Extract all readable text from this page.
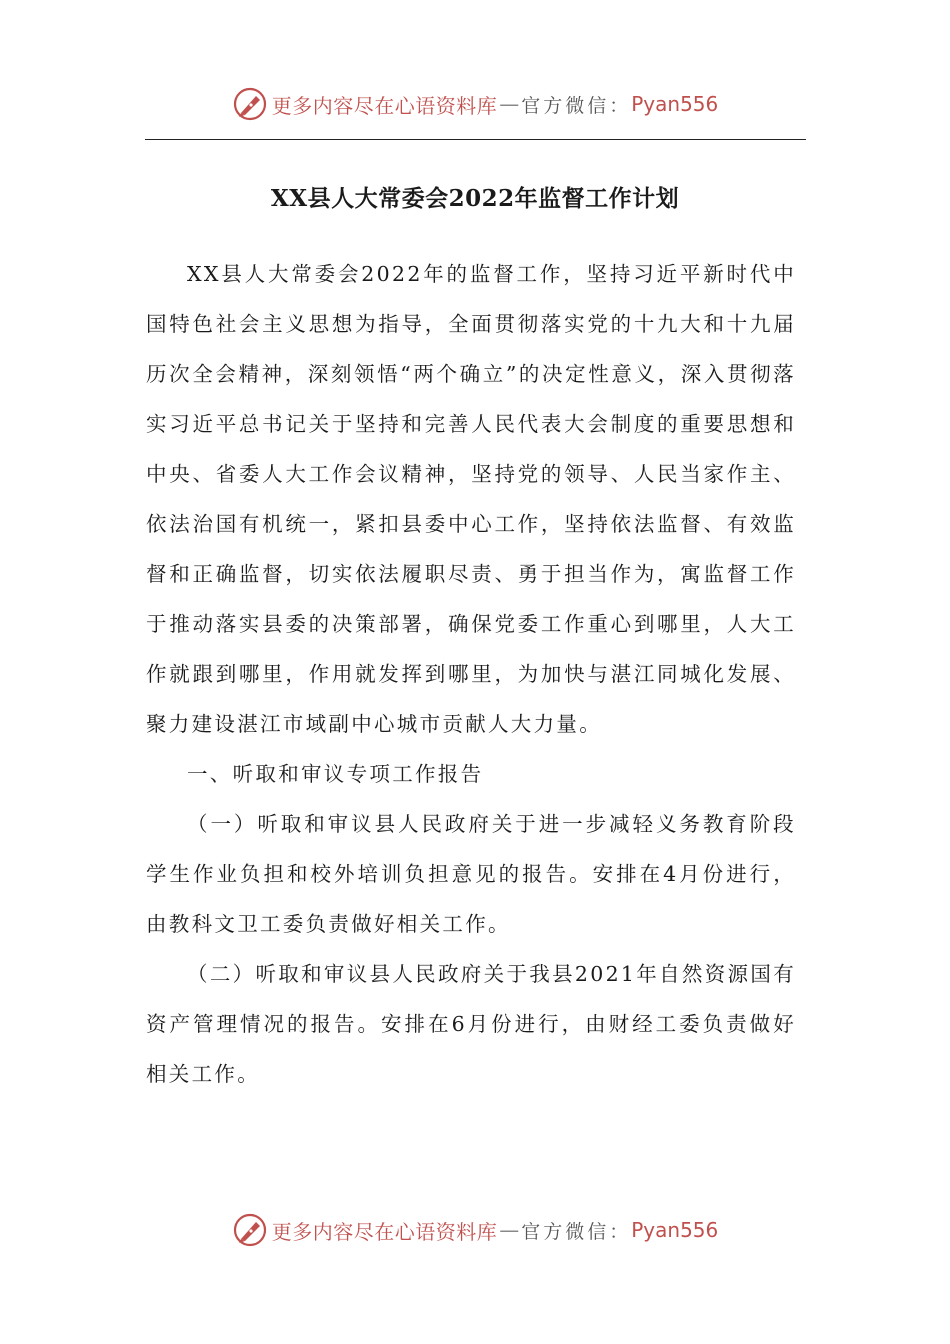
更多内容尽在心语资料库 — 官方微信： Pyan556
XX县人大常委会2022年监督工作计划

XX县人大常委会2022年的监督工作，坚持习近平新时代中国特色社会主义思想为指导，全面贯彻落实党的十九大和十九届历次全会精神，深刻领悟“两个确立”的决定性意义，深入贯彻落实习近平总书记关于坚持和完善人民代表大会制度的重要思想和中央、省委人大工作会议精神，坚持党的领导、人民当家作主、依法治国有机统一，紧扣县委中心工作，坚持依法监督、有效监督和正确监督，切实依法履职尽责、勇于担当作为，寓监督工作于推动落实县委的决策部署，确保党委工作重心到哪里，人大工作就跟到哪里，作用就发挥到哪里，为加快与湛江同城化发展、聚力建设湛江市域副中心城市贡献人大力量。

一、听取和审议专项工作报告

（一）听取和审议县人民政府关于进一步减轻义务教育阶段学生作业负担和校外培训负担意见的报告。安排在4月份进行，由教科文卫工委负责做好相关工作。

（二）听取和审议县人民政府关于我县2021年自然资源国有资产管理情况的报告。安排在6月份进行，由财经工委负责做好相关工作。

更多内容尽在心语资料库 — 官方微信： Pyan556
